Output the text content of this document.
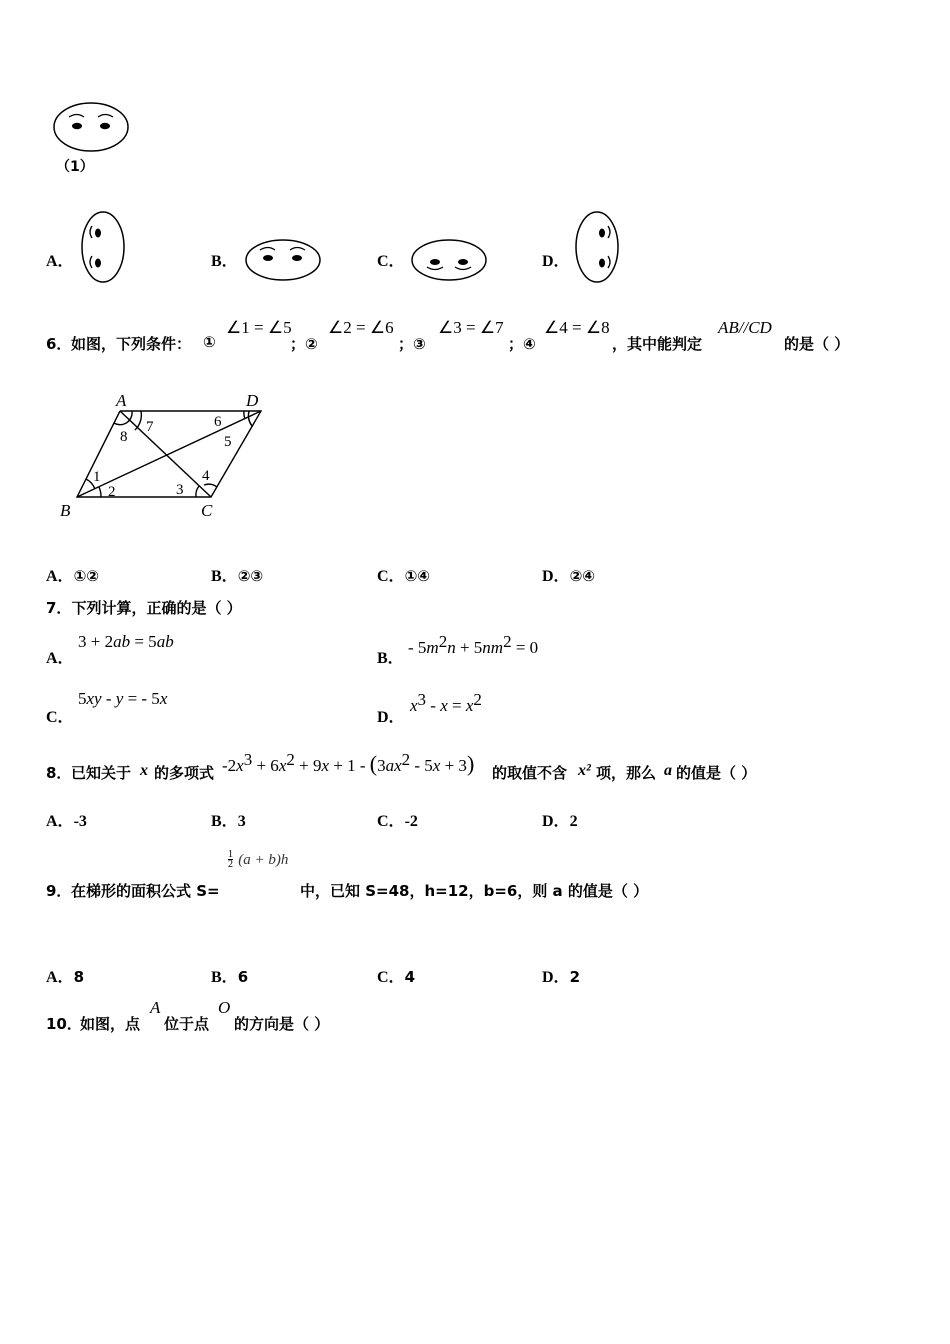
（1）
A．	B．	C．	D．
6． 如图，下列条件： ①
∠1 = ∠5
；②
∠2 = ∠6
；③
∠3 = ∠7
；④
∠4 = ∠8
，其中能判定
AB//CD
的是（ ）
A	D
B	C
1
2	3
4
5
6
7
8
A．①②	B．②③	C．①④	D．②④
7．下列计算，正确的是（ ）
A．
3 + 2ab = 5ab
B．
- $5m^2n + 5nm^2 = 0$
C．
5xy - y = - 5x
D．
$x^3 - x = x^2$
8． 已知关于 x 的多项式 $-2x^3 + 6x^2 + 9x + 1 - (3ax^2 - 5x + 3)$ 的取值不含 x² 项，那么 a 的值是（ ）
A．-3	B．3	C．-2	D．2
9． 在梯形的面积公式 S=
$\frac{1}{2} (a + b)h$
中，已知 S=48，h=12，b=6，则 a 的值是（ ）
A．8	B．6	C．4	D．2
10．
如图，点
A
位于点
O
的方向是（ ）
